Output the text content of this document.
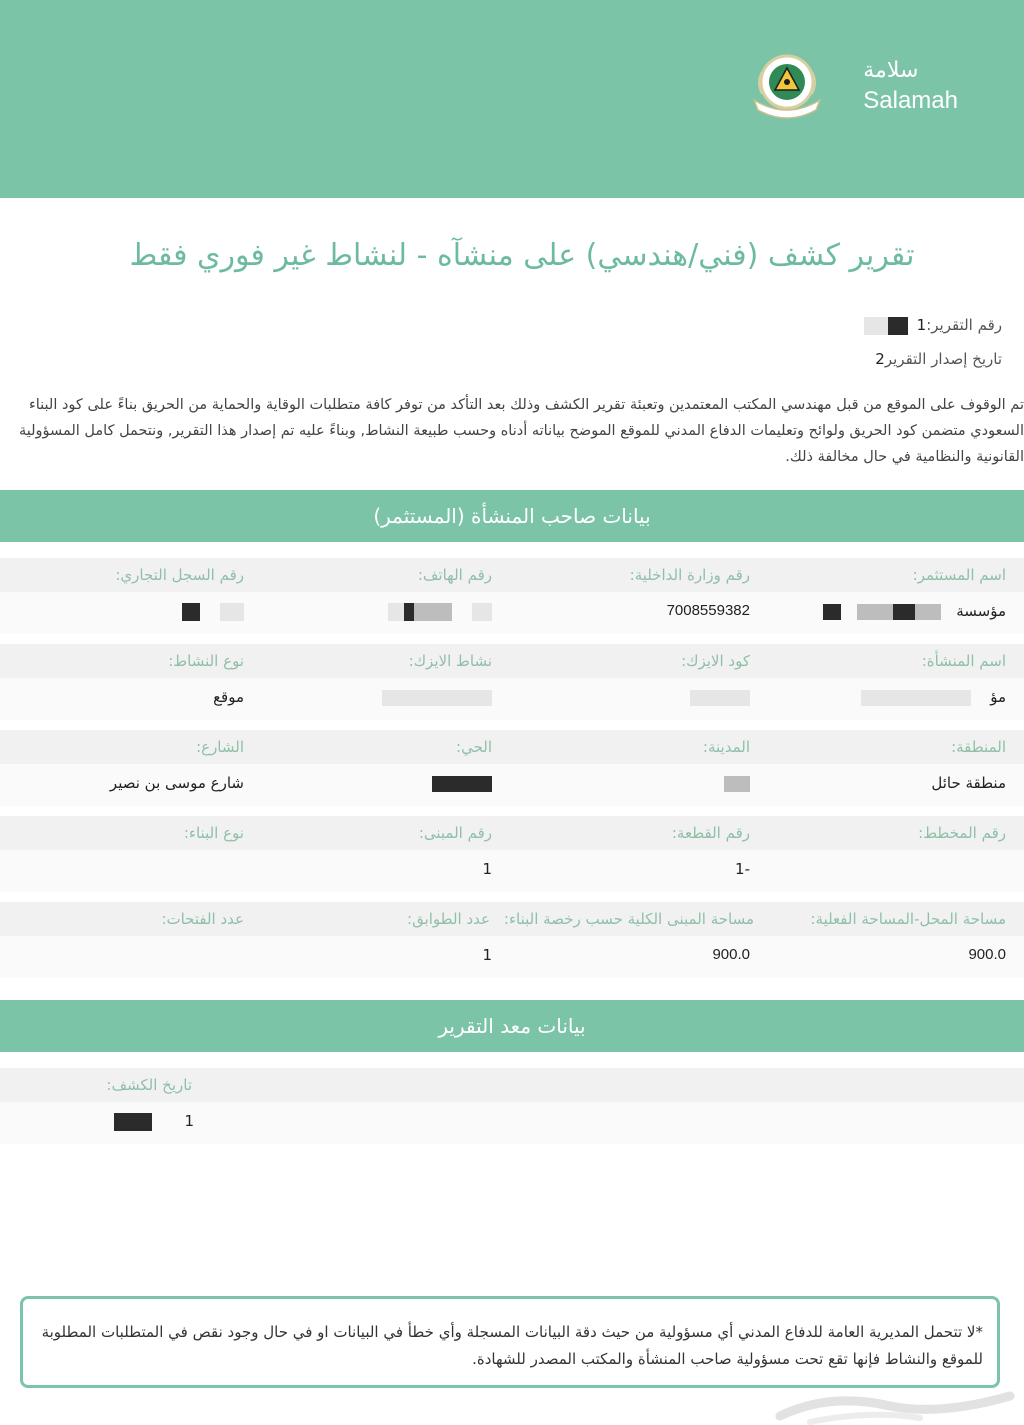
سلامة
Salamah
تقرير كشف (فني/هندسي) على منشآه - لنشاط غير فوري فقط
رقم التقرير:1
تاريخ إصدار التقرير2
تم الوقوف على الموقع من قبل مهندسي المكتب المعتمدين وتعبئة تقرير الكشف وذلك بعد التأكد من توفر كافة متطلبات الوقاية والحماية من الحريق بناءً على كود البناء السعودي متضمن كود الحريق ولوائح وتعليمات الدفاع المدني للموقع الموضح بياناته أدناه وحسب طبيعة النشاط, وبناءً عليه تم إصدار هذا التقرير, ونتحمل كامل المسؤولية القانونية والنظامية في حال مخالفة ذلك.
بيانات صاحب المنشأة (المستثمر)
اسم المستثمر:
رقم وزارة الداخلية:
رقم الهاتف:
رقم السجل التجاري:
مؤسسة
7008559382
اسم المنشأة:
كود الايزك:
نشاط الايزك:
نوع النشاط:
مؤ
موقع
المنطقة:
المدينة:
الحي:
الشارع:
منطقة حائل
شارع موسى بن نصير
رقم المخطط:
رقم القطعة:
رقم المبنى:
نوع البناء:
-1
1
مساحة المحل-المساحة الفعلية:
مساحة المبنى الكلية حسب رخصة البناء:
عدد الطوابق:
عدد الفتحات:
900.0
900.0
1
بيانات معد التقرير
تاريخ الكشف:
1
*لا تتحمل المديرية العامة للدفاع المدني أي مسؤولية من حيث دقة البيانات المسجلة وأي خطأ في البيانات او في حال وجود نقص في المتطلبات المطلوبة للموقع والنشاط فإنها تقع تحت مسؤولية صاحب المنشأة والمكتب المصدر للشهادة.
